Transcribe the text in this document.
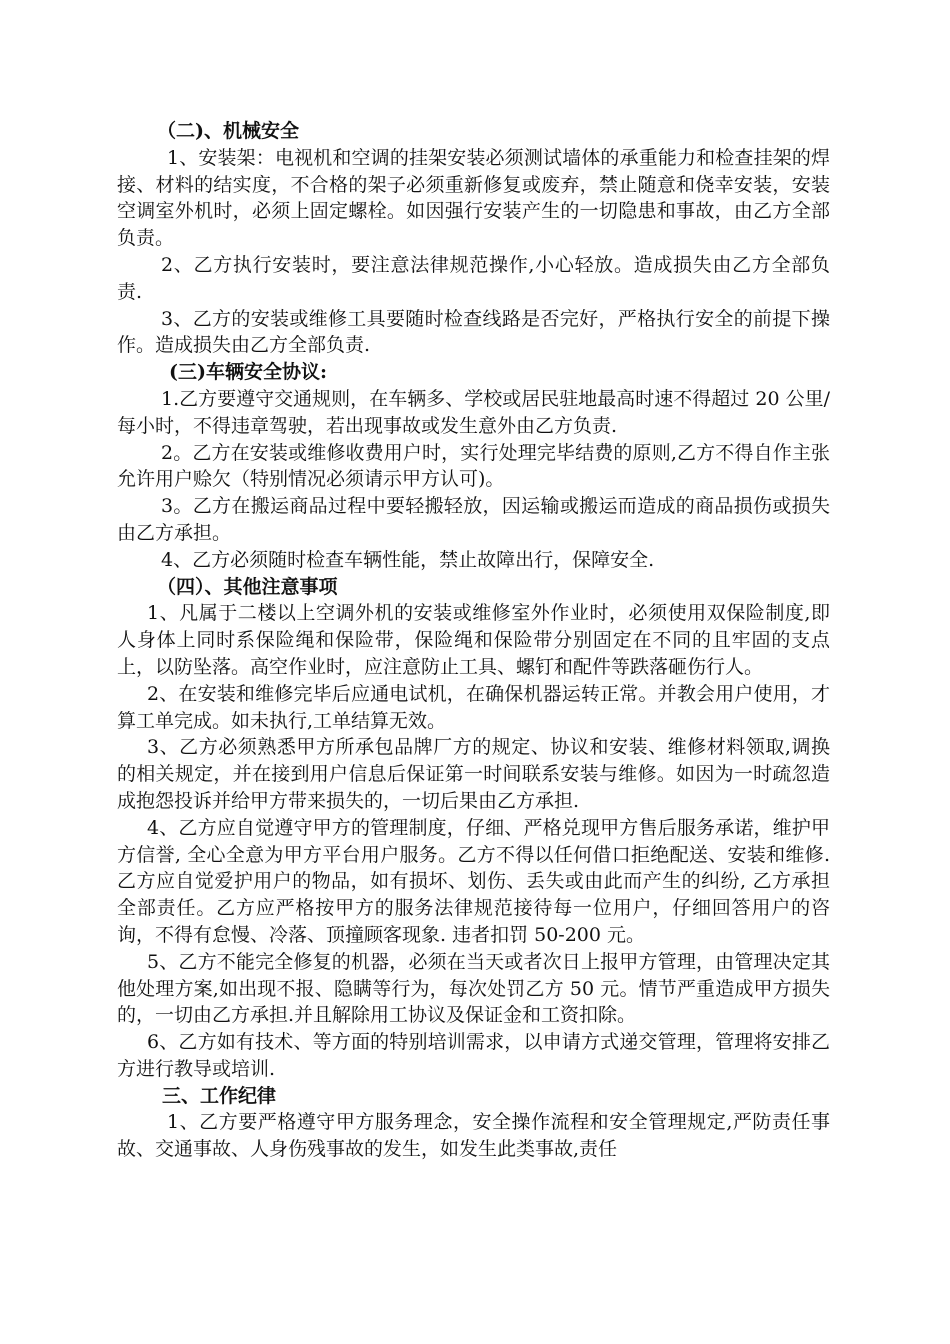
（二)、机械安全

1、安装架：电视机和空调的挂架安装必须测试墙体的承重能力和检查挂架的焊接、材料的结实度，不合格的架子必须重新修复或废弃，禁止随意和侥幸安装，安装空调室外机时，必须上固定螺栓。如因强行安装产生的一切隐患和事故，由乙方全部负责。

2、乙方执行安装时，要注意法律规范操作,小心轻放。造成损失由乙方全部负责.

3、乙方的安装或维修工具要随时检查线路是否完好，严格执行安全的前提下操作。造成损失由乙方全部负责.

(三)车辆安全协议:

1.乙方要遵守交通规则，在车辆多、学校或居民驻地最高时速不得超过 20 公里/每小时，不得违章驾驶，若出现事故或发生意外由乙方负责.

2。乙方在安装或维修收费用户时，实行处理完毕结费的原则,乙方不得自作主张允许用户赊欠（特别情况必须请示甲方认可)。

3。乙方在搬运商品过程中要轻搬轻放，因运输或搬运而造成的商品损伤或损失由乙方承担。

4、乙方必须随时检查车辆性能，禁止故障出行，保障安全.

（四）、其他注意事项

1、凡属于二楼以上空调外机的安装或维修室外作业时，必须使用双保险制度,即人身体上同时系保险绳和保险带，保险绳和保险带分别固定在不同的且牢固的支点上，以防坠落。高空作业时，应注意防止工具、螺钉和配件等跌落砸伤行人。

2、在安装和维修完毕后应通电试机，在确保机器运转正常。并教会用户使用，才算工单完成。如未执行,工单结算无效。

3、乙方必须熟悉甲方所承包品牌厂方的规定、协议和安装、维修材料领取,调换的相关规定，并在接到用户信息后保证第一时间联系安装与维修。如因为一时疏忽造成抱怨投诉并给甲方带来损失的，一切后果由乙方承担.

4、乙方应自觉遵守甲方的管理制度，仔细、严格兑现甲方售后服务承诺，维护甲方信誉, 全心全意为甲方平台用户服务。乙方不得以任何借口拒绝配送、安装和维修. 乙方应自觉爱护用户的物品，如有损坏、划伤、丢失或由此而产生的纠纷, 乙方承担全部责任。乙方应严格按甲方的服务法律规范接待每一位用户，仔细回答用户的咨询，不得有怠慢、冷落、顶撞顾客现象. 违者扣罚 50-200 元。

5、乙方不能完全修复的机器，必须在当天或者次日上报甲方管理，由管理决定其他处理方案,如出现不报、隐瞒等行为，每次处罚乙方 50 元。情节严重造成甲方损失的，一切由乙方承担.并且解除用工协议及保证金和工资扣除。

6、乙方如有技术、等方面的特别培训需求，以申请方式递交管理，管理将安排乙方进行教导或培训.

三、工作纪律

1、乙方要严格遵守甲方服务理念，安全操作流程和安全管理规定,严防责任事故、交通事故、人身伤残事故的发生，如发生此类事故,责任
